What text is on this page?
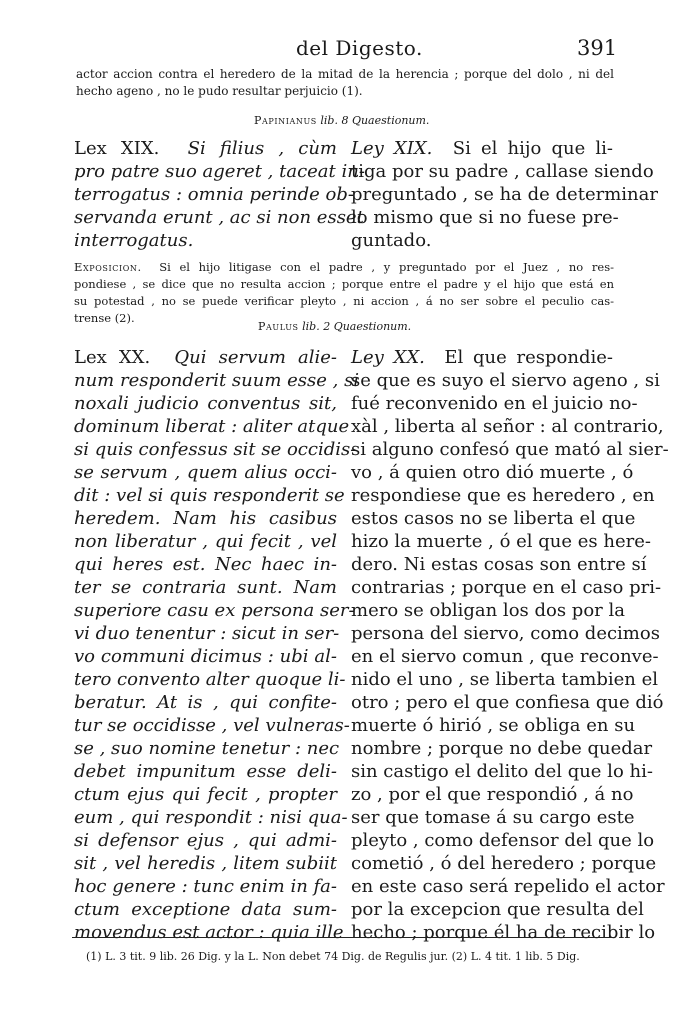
del Digesto.	391
actor accion contra el heredero de la mitad de la herencia ; porque del dolo , ni del hecho ageno , no le pudo resultar perjuicio (1).
Papinianus lib. 8 Quaestionum.
Lex XIX. Si filius , cùm
pro patre suo ageret , taceat in-
terrogatus : omnia perinde ob-
servanda erunt , ac si non esset
interrogatus.
Ley XIX. Si el hijo que li-
tiga por su padre , callase siendo
preguntado , se ha de determinar
lo mismo que si no fuese pre-
guntado.
Exposicion. Si el hijo litigase con el padre , y preguntado por el Juez , no res-
pondiese , se dice que no resulta accion ; porque entre el padre y el hijo que está en
su potestad , no se puede verificar pleyto , ni accion , á no ser sobre el peculio cas-
trense (2).
Paulus lib. 2 Quaestionum.
Lex XX. Qui servum alie-
num responderit suum esse , si
noxali judicio conventus sit,
dominum liberat : aliter atque
si quis confessus sit se occidis-
se servum , quem alius occi-
dit : vel si quis responderit se
heredem. Nam his casibus
non liberatur , qui fecit , vel
qui heres est. Nec haec in-
ter se contraria sunt. Nam
superiore casu ex persona ser-
vi duo tenentur : sicut in ser-
vo communi dicimus : ubi al-
tero convento alter quoque li-
beratur. At is , qui confite-
tur se occidisse , vel vulneras-
se , suo nomine tenetur : nec
debet impunitum esse deli-
ctum ejus qui fecit , propter
eum , qui respondit : nisi qua-
si defensor ejus , qui admi-
sit , vel heredis , litem subiit
hoc genere : tunc enim in fa-
ctum exceptione data sum-
movendus est actor : quia ille
Ley XX. El que respondie-
se que es suyo el siervo ageno , si
fué reconvenido en el juicio no-
xàl , liberta al señor : al contrario,
si alguno confesó que mató al sier-
vo , á quien otro dió muerte , ó
respondiese que es heredero , en
estos casos no se liberta el que
hizo la muerte , ó el que es here-
dero. Ni estas cosas son entre sí
contrarias ; porque en el caso pri-
mero se obligan los dos por la
persona del siervo, como decimos
en el siervo comun , que reconve-
nido el uno , se liberta tambien el
otro ; pero el que confiesa que dió
muerte ó hirió , se obliga en su
nombre ; porque no debe quedar
sin castigo el delito del que lo hi-
zo , por el que respondió , á no
ser que tomase á su cargo este
pleyto , como defensor del que lo
cometió , ó del heredero ; porque
en este caso será repelido el actor
por la excepcion que resulta del
hecho ; porque él ha de recibir lo
(1) L. 3 tit. 9 lib. 26 Dig. y la L. Non debet 74 Dig. de Regulis jur. (2) L. 4 tit. 1 lib. 5 Dig.
